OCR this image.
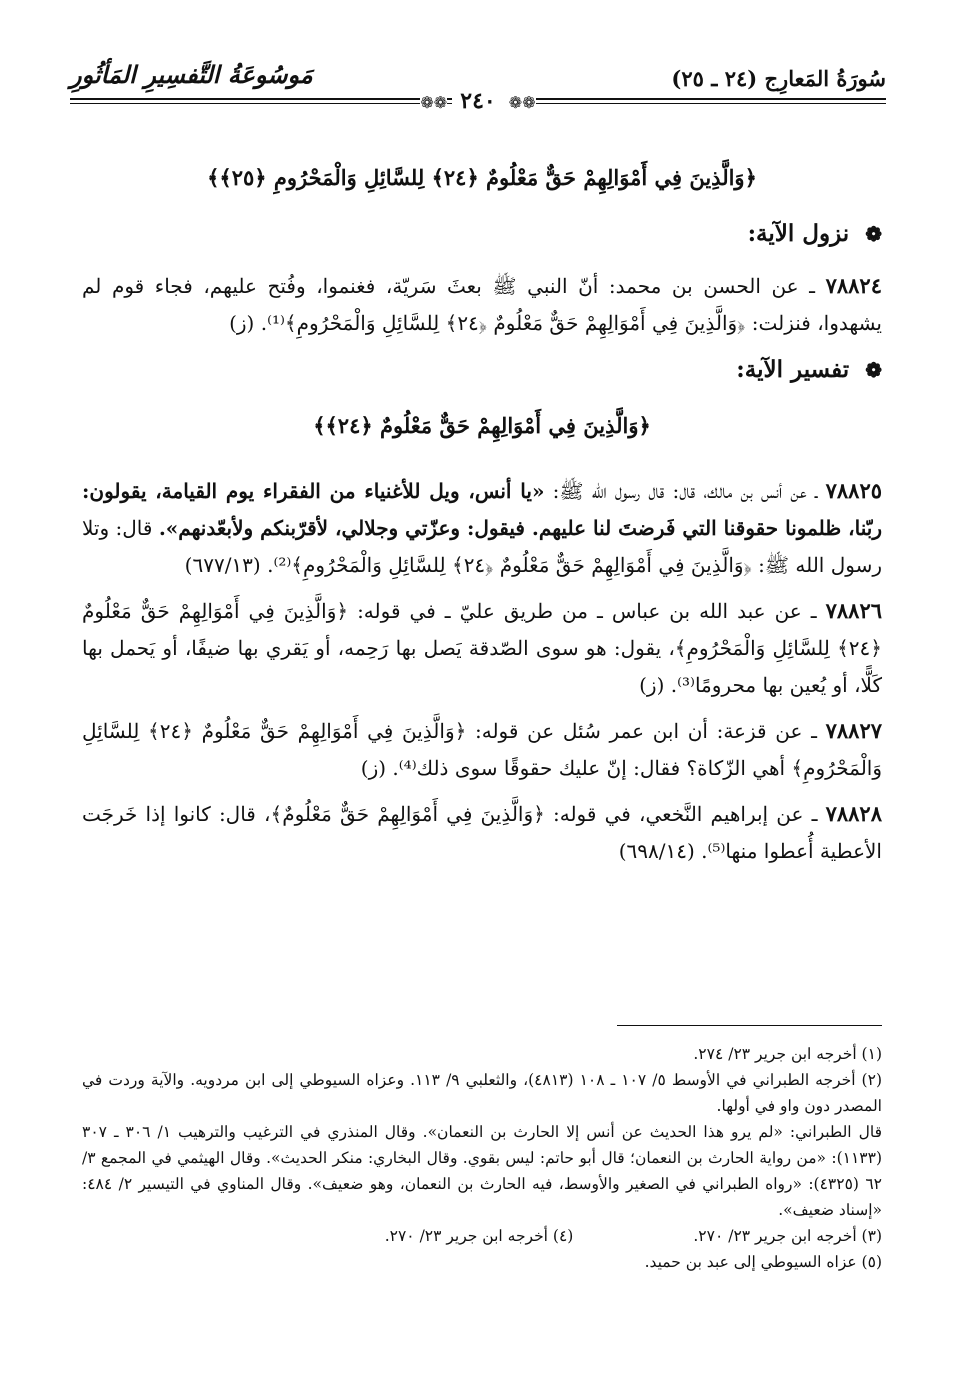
سُورَةُ المَعارِج (٢٤ ـ ٢٥)
مَوسُوعَةُ التَّفسِيرِ المَأثُورِ
❁❁ ٢٤٠ ❁❁
﴿وَالَّذِينَ فِي أَمْوَالِهِمْ حَقٌّ مَعْلُومٌ ﴿٢٤﴾ لِلسَّائِلِ وَالْمَحْرُومِ ﴿٢٥﴾﴾
❁ نزول الآية:

٧٨٨٢٤ ـ عن الحسن بن محمد: أنّ النبي ﷺ بعثَ سَريّة، فغنموا، وفُتح عليهم، فجاء قوم لم يشهدوا، فنزلت: ﴿وَالَّذِينَ فِي أَمْوَالِهِمْ حَقٌّ مَعْلُومٌ ﴿٢٤﴾ لِلسَّائِلِ وَالْمَحْرُومِ﴾⁽¹⁾. (ز)

❁ تفسير الآية:
﴿وَالَّذِينَ فِي أَمْوَالِهِمْ حَقٌّ مَعْلُومٌ ﴿٢٤﴾﴾

٧٨٨٢٥ ـ عن أنس بن مالك، قال: قال رسول الله ﷺ: «يا أنس، ويل للأغنياء من الفقراء يوم القيامة، يقولون: ربّنا، ظلمونا حقوقنا التي فَرضتَ لنا عليهم. فيقول: وعزّتي وجلالي، لأقرّبنكم ولأبعّدنهم». قال: وتلا رسول الله ﷺ: ﴿وَالَّذِينَ فِي أَمْوَالِهِمْ حَقٌّ مَعْلُومٌ ﴿٢٤﴾ لِلسَّائِلِ وَالْمَحْرُومِ﴾⁽²⁾. (٦٧٧/١٣)

٧٨٨٢٦ ـ عن عبد الله بن عباس ـ من طريق عليّ ـ في قوله: ﴿وَالَّذِينَ فِي أَمْوَالِهِمْ حَقٌّ مَعْلُومٌ ﴿٢٤﴾ لِلسَّائِلِ وَالْمَحْرُومِ﴾، يقول: هو سوى الصّدقة يَصل بها رَحِمه، أو يَقري بها ضيفًا، أو يَحمل بها كَلًّا، أو يُعين بها محرومًا⁽³⁾. (ز)

٧٨٨٢٧ ـ عن قزعة: أن ابن عمر سُئل عن قوله: ﴿وَالَّذِينَ فِي أَمْوَالِهِمْ حَقٌّ مَعْلُومٌ ﴿٢٤﴾ لِلسَّائِلِ وَالْمَحْرُومِ﴾ أهي الزّكاة؟ فقال: إنّ عليك حقوقًا سوى ذلك⁽⁴⁾. (ز)

٧٨٨٢٨ ـ عن إبراهيم النَّخعي، في قوله: ﴿وَالَّذِينَ فِي أَمْوَالِهِمْ حَقٌّ مَعْلُومٌ﴾، قال: كانوا إذا خَرجَت الأعطية أُعطوا منها⁽⁵⁾. (٦٩٨/١٤)

(١) أخرجه ابن جرير ٢٣/ ٢٧٤.

(٢) أخرجه الطبراني في الأوسط ٥/ ١٠٧ ـ ١٠٨ (٤٨١٣)، والثعلبي ٩/ ١١٣. وعزاه السيوطي إلى ابن مردويه. والآية وردت في المصدر دون واو في أولها.

قال الطبراني: «لم يرو هذا الحديث عن أنس إلا الحارث بن النعمان». وقال المنذري في الترغيب والترهيب ١/ ٣٠٦ ـ ٣٠٧ (١١٣٣): «من رواية الحارث بن النعمان؛ قال أبو حاتم: ليس بقوي. وقال البخاري: منكر الحديث». وقال الهيثمي في المجمع ٣/ ٦٢ (٤٣٢٥): «رواه الطبراني في الصغير والأوسط، فيه الحارث بن النعمان، وهو ضعيف». وقال المناوي في التيسير ٢/ ٤٨٤: «إسناد ضعيف».

(٣) أخرجه ابن جرير ٢٣/ ٢٧٠.
(٤) أخرجه ابن جرير ٢٣/ ٢٧٠.

(٥) عزاه السيوطي إلى عبد بن حميد.
